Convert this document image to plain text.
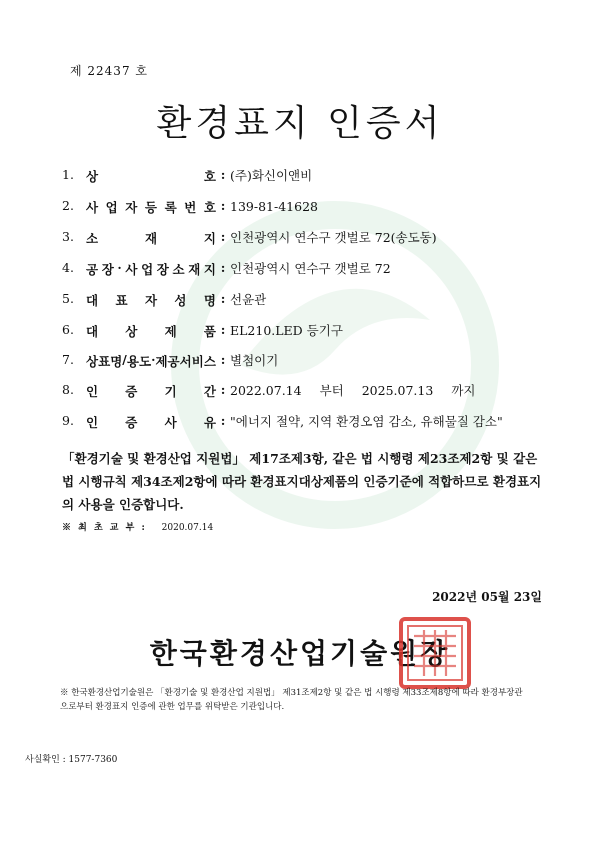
제 22437 호
환경표지 인증서
1. 상	호 : (주)화신이앤비
2. 사 업 자 등 록 번 호 : 139-81-41628
3. 소	재	지 : 인천광역시 연수구 갯벌로 72(송도동)
4. 공 장 · 사 업 장 소 재 지 : 인천광역시 연수구 갯벌로 72
5. 대 표 자 성 명 : 선윤관
6. 대 상 제 품 : EL210.LED 등기구
7. 상 표 명 / 용 도 · 제 공 서 비 스 : 별첨이기
8. 인 증 기 간 : 2022.07.14 부터 2025.07.13 까지
9. 인 증 사 유 : "에너지 절약, 지역 환경오염 감소, 유해물질 감소"
「환경기술 및 환경산업 지원법」 제17조제3항, 같은 법 시행령 제23조제2항 및 같은 법 시행규칙 제34조제2항에 따라 환경표지대상제품의 인증기준에 적합하므로 환경표지의 사용을 인증합니다.
※ 최 초 교 부 : 2020.07.14
2022년 05월 23일
한국환경산업기술원장
※ 한국환경산업기술원은 「환경기술 및 환경산업 지원법」 제31조제2항 및 같은 법 시행령 제33조제8항에 따라 환경부장관으로부터 환경표지 인증에 관한 업무를 위탁받은 기관입니다.
사실확인 : 1577-7360
